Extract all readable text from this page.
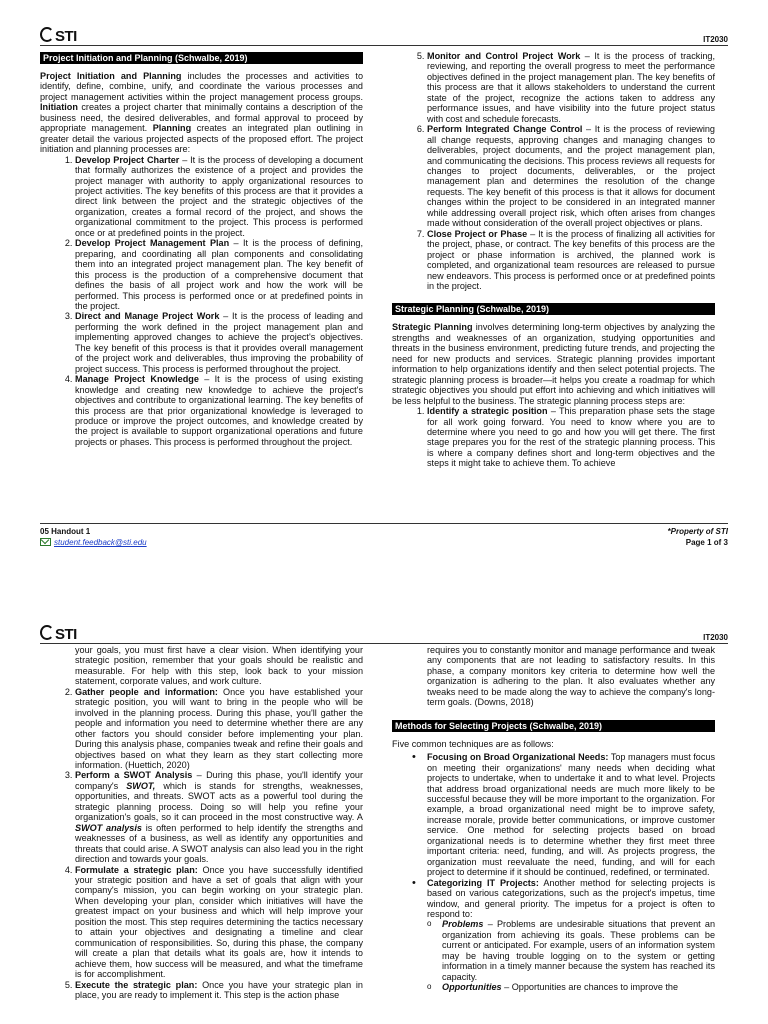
STI	IT2030
Project Initiation and Planning (Schwalbe, 2019)

Project Initiation and Planning includes the processes and activities to identify, define, combine, unify, and coordinate the various processes and project management activities within the project management process groups. Initiation creates a project charter that minimally contains a description of the business need, the desired deliverables, and formal approval to proceed by appropriate management. Planning creates an integrated plan outlining in greater detail the various projected aspects of the proposed effort. The project initiation and planning processes are:

1. Develop Project Charter – It is the process of developing a document that formally authorizes the existence of a project and provides the project manager with authority to apply organizational resources to project activities. The key benefits of this process are that it provides a direct link between the project and the strategic objectives of the organization, creates a formal record of the project, and shows the organizational commitment to the project. This process is performed once or at predefined points in the project.
2. Develop Project Management Plan – It is the process of defining, preparing, and coordinating all plan components and consolidating them into an integrated project management plan. The key benefit of this process is the production of a comprehensive document that defines the basis of all project work and how the work will be performed. This process is performed once or at predefined points in the project.
3. Direct and Manage Project Work – It is the process of leading and performing the work defined in the project management plan and implementing approved changes to achieve the project's objectives. The key benefit of this process is that it provides overall management of the project work and deliverables, thus improving the probability of project success. This process is performed throughout the project.
4. Manage Project Knowledge – It is the process of using existing knowledge and creating new knowledge to achieve the project's objectives and contribute to organizational learning. The key benefits of this process are that prior organizational knowledge is leveraged to produce or improve the project outcomes, and knowledge created by the project is available to support organizational operations and future projects or phases. This process is performed throughout the project.
5. Monitor and Control Project Work – It is the process of tracking, reviewing, and reporting the overall progress to meet the performance objectives defined in the project management plan. The key benefits of this process are that it allows stakeholders to understand the current state of the project, recognize the actions taken to address any performance issues, and have visibility into the future project status with cost and schedule forecasts.
6. Perform Integrated Change Control – It is the process of reviewing all change requests, approving changes and managing changes to deliverables, project documents, and the project management plan, and communicating the decisions. This process reviews all requests for changes to project documents, deliverables, or the project management plan and determines the resolution of the change requests. The key benefit of this process is that it allows for document changes within the project to be considered in an integrated manner while addressing overall project risk, which often arises from changes made without consideration of the overall project objectives or plans.
7. Close Project or Phase – It is the process of finalizing all activities for the project, phase, or contract. The key benefits of this process are the project or phase information is archived, the planned work is completed, and organizational team resources are released to pursue new endeavors. This process is performed once or at predefined points in the project.
Strategic Planning (Schwalbe, 2019)

Strategic Planning involves determining long-term objectives by analyzing the strengths and weaknesses of an organization, studying opportunities and threats in the business environment, predicting future trends, and projecting the need for new products and services. Strategic planning provides important information to help organizations identify and then select potential projects. The strategic planning process is broader—it helps you create a roadmap for which strategic objectives you should put effort into achieving and which initiatives will be less helpful to the business. The strategic planning process steps are:

1. Identify a strategic position – This preparation phase sets the stage for all work going forward. You need to know where you are to determine where you need to go and how you will get there. The first stage prepares you for the rest of the strategic planning process. This is where a company defines short and long-term objectives and the steps it might take to achieve them. To achieve
05 Handout 1
student.feedback@sti.edu
*Property of STI
Page 1 of 3
STI	IT2030

your goals, you must first have a clear vision. When identifying your strategic position, remember that your goals should be realistic and measurable. For help with this step, look back to your mission statement, corporate values, and work culture.

2. Gather people and information: Once you have established your strategic position, you will want to bring in the people who will be involved in the planning process. During this phase, you'll gather the people and information you need to determine whether there are any other factors you should consider before implementing your plan. During this analysis phase, companies tweak and refine their goals and objectives based on what they learn as they start collecting more information. (Huettich, 2020)
3. Perform a SWOT Analysis – During this phase, you'll identify your company's SWOT, which is stands for strengths, weaknesses, opportunities, and threats. SWOT acts as a powerful tool during the strategic planning process. Doing so will help you refine your organization's goals, so it can proceed in the most constructive way. A SWOT analysis is often performed to help identify the strengths and weaknesses of a business, as well as identify any opportunities and threats that could arise. A SWOT analysis can also lead you in the right direction and towards your goals.
4. Formulate a strategic plan: Once you have successfully identified your strategic position and have a set of goals that align with your company's mission, you can begin working on your strategic plan. When developing your plan, consider which initiatives will have the greatest impact on your business and which will help improve your position the most. This step requires determining the tactics necessary to attain your objectives and designating a timeline and clear communication of responsibilities. So, during this phase, the company will create a plan that details what its goals are, how it intends to achieve them, how success will be measured, and what the timeframe is for accomplishment.
5. Execute the strategic plan: Once you have your strategic plan in place, you are ready to implement it. This step is the action phase

requires you to constantly monitor and manage performance and tweak any components that are not leading to satisfactory results. In this phase, a company monitors key criteria to determine how well the organization is adhering to the plan. It also evaluates whether any tweaks need to be made along the way to achieve the company's long-term goals. (Downs, 2018)

Methods for Selecting Projects (Schwalbe, 2019)

Five common techniques are as follows:

• Focusing on Broad Organizational Needs: Top managers must focus on meeting their organizations' many needs when deciding what projects to undertake, when to undertake it and to what level. Projects that address broad organizational needs are much more likely to be successful because they will be more important to the organization. For example, a broad organizational need might be to improve safety, increase morale, provide better communications, or improve customer service. One method for selecting projects based on broad organizational needs is to determine whether they first meet three important criteria: need, funding, and will. As projects progress, the organization must reevaluate the need, funding, and will for each project to determine if it should be continued, redefined, or terminated.
• Categorizing IT Projects: Another method for selecting projects is based on various categorizations, such as the project's impetus, time window, and general priority. The impetus for a project is often to respond to:
o Problems – Problems are undesirable situations that prevent an organization from achieving its goals. These problems can be current or anticipated. For example, users of an information system may be having trouble logging on to the system or getting information in a timely manner because the system has reached its capacity.
o Opportunities – Opportunities are chances to improve the
